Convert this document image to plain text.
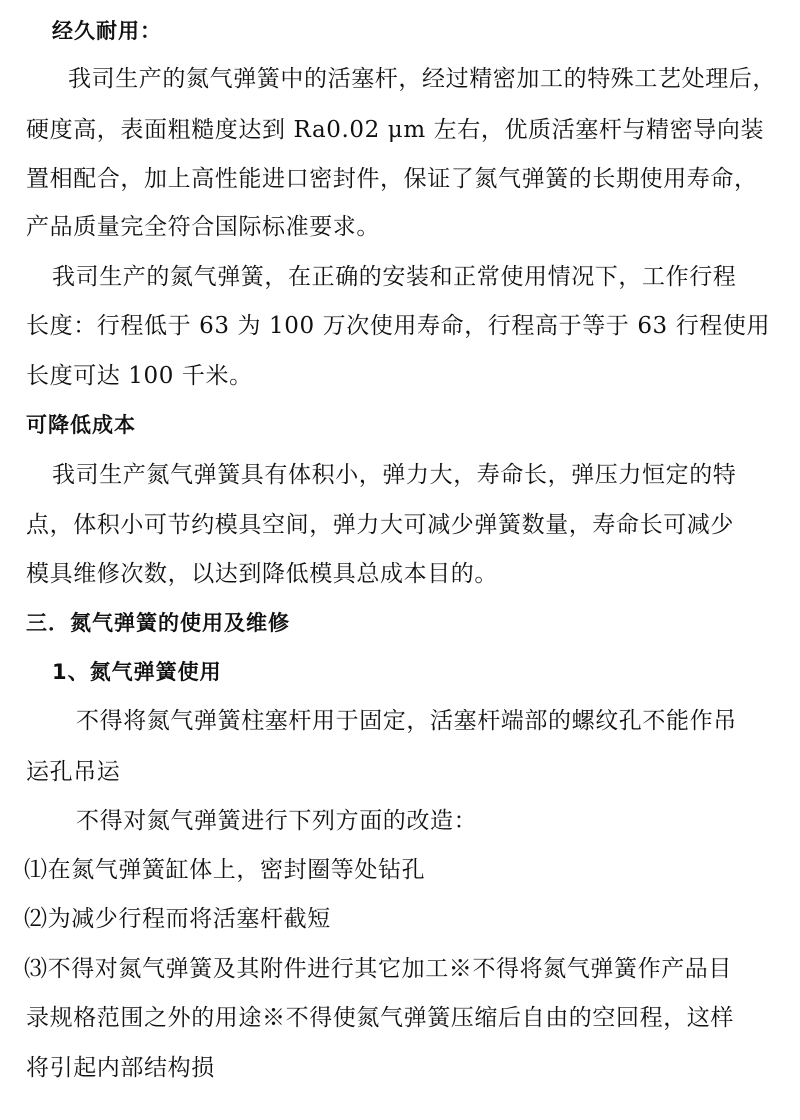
经久耐用：
我司生产的氮气弹簧中的活塞杆，经过精密加工的特殊工艺处理后，
硬度高，表面粗糙度达到 Ra0.02 μm 左右，优质活塞杆与精密导向装
置相配合，加上高性能进口密封件，保证了氮气弹簧的长期使用寿命，
产品质量完全符合国际标准要求。
我司生产的氮气弹簧，在正确的安装和正常使用情况下，工作行程
长度：行程低于 63 为 100 万次使用寿命，行程高于等于 63 行程使用
长度可达 100 千米。
可降低成本
我司生产氮气弹簧具有体积小，弹力大，寿命长，弹压力恒定的特
点，体积小可节约模具空间，弹力大可减少弹簧数量，寿命长可减少
模具维修次数，以达到降低模具总成本目的。
三．氮气弹簧的使用及维修
1、氮气弹簧使用
不得将氮气弹簧柱塞杆用于固定，活塞杆端部的螺纹孔不能作吊
运孔吊运
不得对氮气弹簧进行下列方面的改造：
⑴在氮气弹簧缸体上，密封圈等处钻孔
⑵为减少行程而将活塞杆截短
⑶不得对氮气弹簧及其附件进行其它加工※不得将氮气弹簧作产品目
录规格范围之外的用途※不得使氮气弹簧压缩后自由的空回程，这样
将引起内部结构损
